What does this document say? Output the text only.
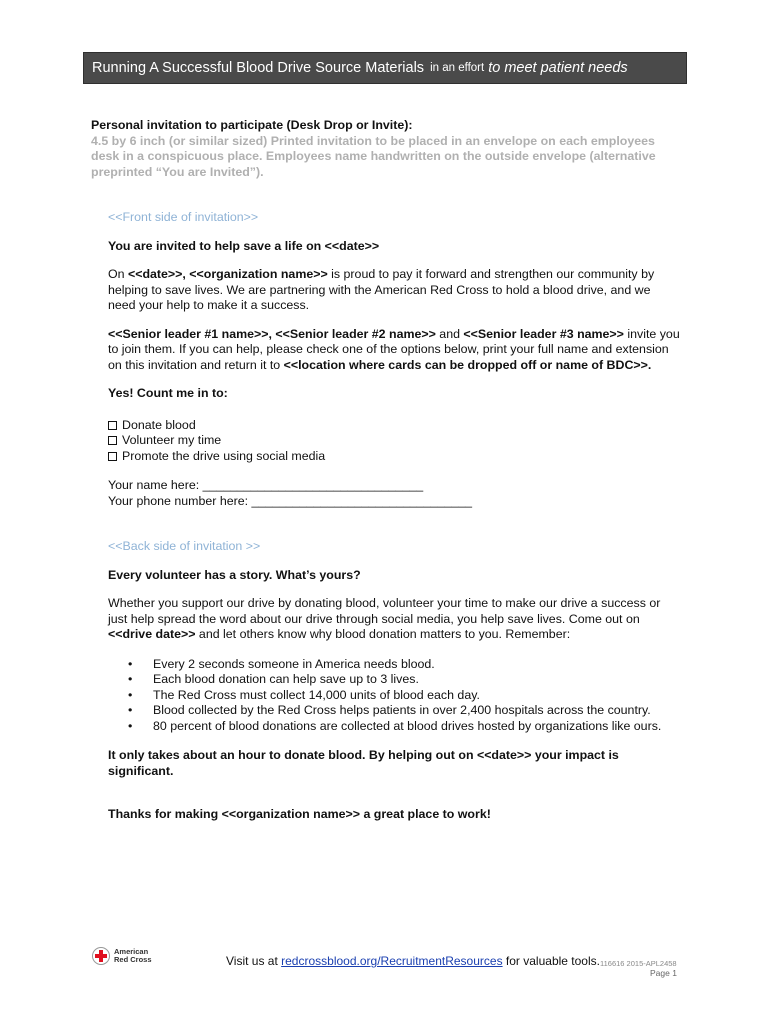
Running A Successful Blood Drive Source Materials in an effort to meet patient needs

Personal invitation to participate (Desk Drop or Invite):

4.5 by 6 inch (or similar sized) Printed invitation to be placed in an envelope on each employees

desk in a conspicuous place. Employees name handwritten on the outside envelope (alternative

preprinted “You are Invited”).

<<Front side of invitation>>

You are invited to help save a life on <<date>>

On <<date>>, <<organization name>> is proud to pay it forward and strengthen our community by helping to save lives. We are partnering with the American Red Cross to hold a blood drive, and we need your help to make it a success.

<<Senior leader #1 name>>, <<Senior leader #2 name>> and <<Senior leader #3 name>> invite you to join them. If you can help, please check one of the options below, print your full name and extension on this invitation and return it to <<location where cards can be dropped off or name of BDC>>.

Yes! Count me in to:

Donate blood
Volunteer my time
Promote the drive using social media

Your name here: ________________________________

Your phone number here: ________________________________

<<Back side of invitation >>

Every volunteer has a story. What’s yours?

Whether you support our drive by donating blood, volunteer your time to make our drive a success or just help spread the word about our drive through social media, you help save lives. Come out on <<drive date>> and let others know why blood donation matters to you. Remember:

• Every 2 seconds someone in America needs blood.
• Each blood donation can help save up to 3 lives.
• The Red Cross must collect 14,000 units of blood each day.
• Blood collected by the Red Cross helps patients in over 2,400 hospitals across the country.
• 80 percent of blood donations are collected at blood drives hosted by organizations like ours.

It only takes about an hour to donate blood. By helping out on <<date>> your impact is significant.

Thanks for making <<organization name>> a great place to work!

American
Red Cross	Visit us at redcrossblood.org/RecruitmentResources for valuable tools. 116616 2015-APL2458
Page 1
